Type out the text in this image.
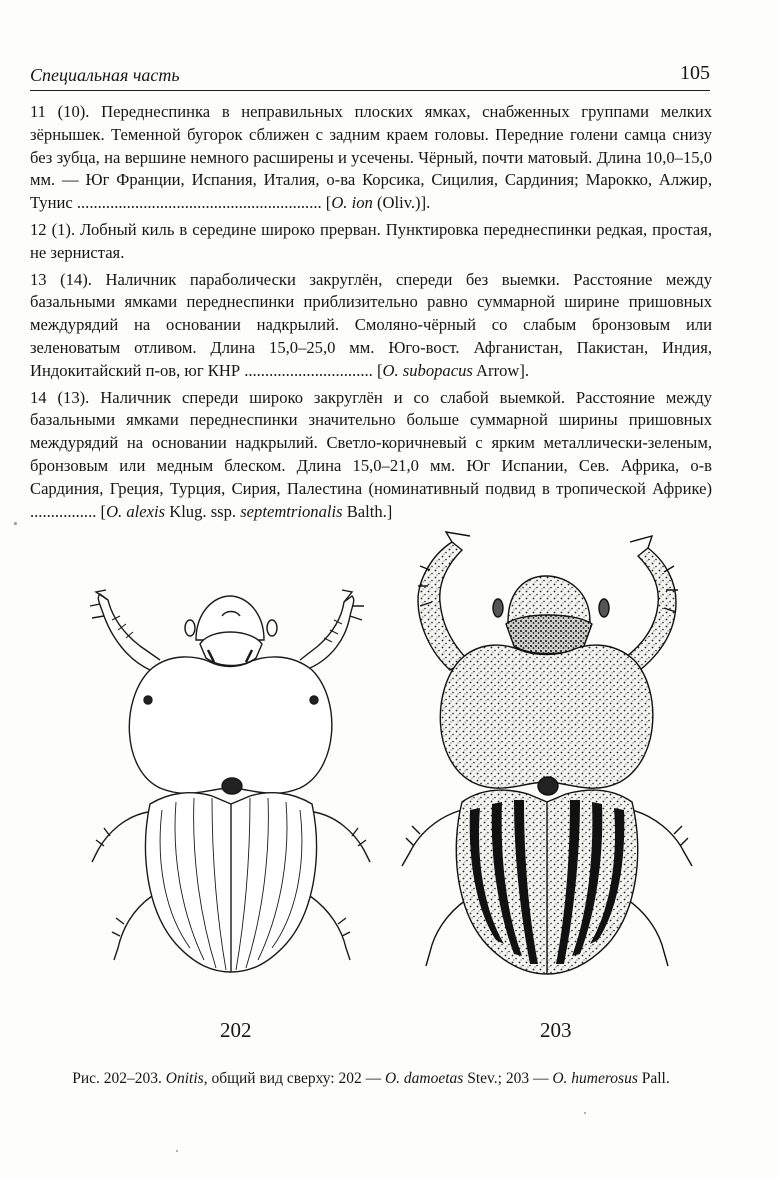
Специальная часть	105

11 (10). Переднеспинка в неправильных плоских ямках, снабженных группами мелких зёрнышек. Теменной бугорок сближен с задним краем головы. Передние голени самца снизу без зубца, на вершине немного расширены и усечены. Чёрный, почти матовый. Длина 10,0–15,0 мм. — Юг Франции, Испания, Италия, о-ва Корсика, Сицилия, Сардиния; Марокко, Алжир, Тунис ........................................................... [O. ion (Oliv.)].

12 (1). Лобный киль в середине широко прерван. Пунктировка переднеспинки редкая, простая, не зернистая.

13 (14). Наличник параболически закруглён, спереди без выемки. Расстояние между базальными ямками переднеспинки приблизительно равно суммарной ширине пришовных междурядий на основании надкрылий. Смоляно-чёрный со слабым бронзовым или зеленоватым отливом. Длина 15,0–25,0 мм. Юго-вост. Афганистан, Пакистан, Индия, Индокитайский п-ов, юг КНР ............................... [O. subopacus Arrow].

14 (13). Наличник спереди широко закруглён и со слабой выемкой. Расстояние между базальными ямками переднеспинки значительно больше суммарной ширины пришовных междурядий на основании надкрылий. Светло-коричневый с ярким металлически-зеленым, бронзовым или медным блеском. Длина 15,0–21,0 мм. Юг Испании, Сев. Африка, о-в Сардиния, Греция, Турция, Сирия, Палестина (номинативный подвид в тропической Африке) ................ [O. alexis Klug. ssp. septemtrionalis Balth.]

202	203
Рис. 202–203. Onitis, общий вид сверху: 202 — O. damoetas Stev.; 203 — O. humerosus Pall.
